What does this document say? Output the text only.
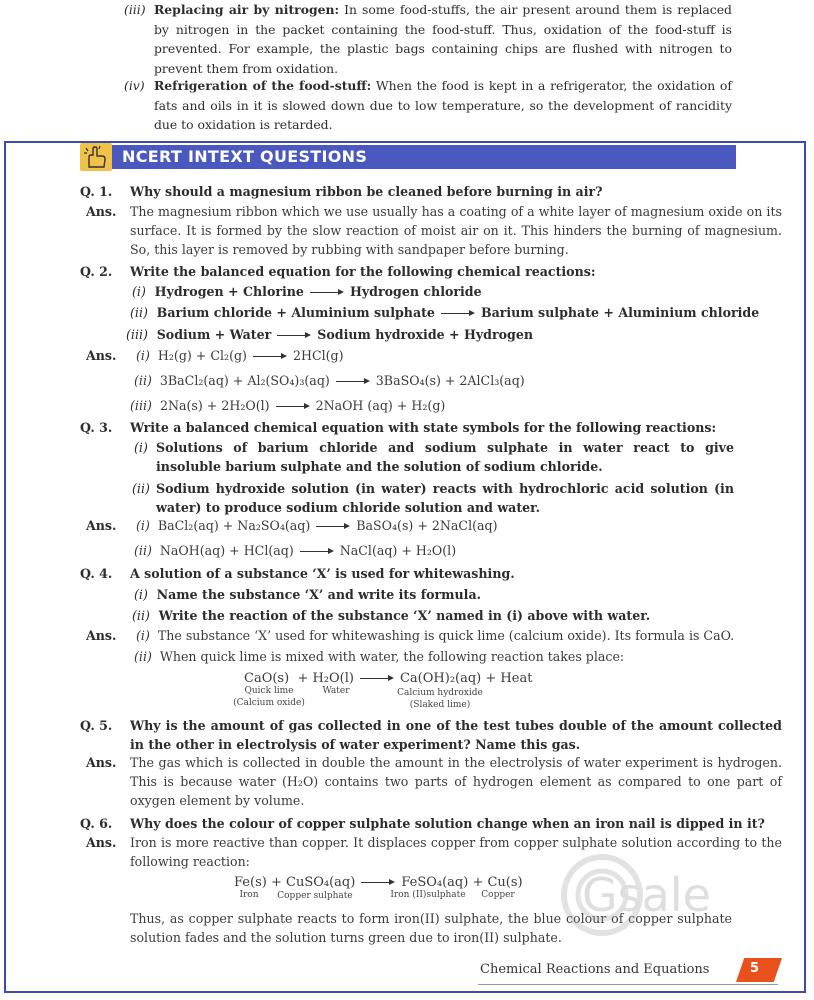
(iii) Replacing air by nitrogen: In some food-stuffs, the air present around them is replaced by nitrogen in the packet containing the food-stuff. Thus, oxidation of the food-stuff is prevented. For example, the plastic bags containing chips are flushed with nitrogen to prevent them from oxidation.
(iv) Refrigeration of the food-stuff: When the food is kept in a refrigerator, the oxidation of fats and oils in it is slowed down due to low temperature, so the development of rancidity due to oxidation is retarded.
NCERT INTEXT QUESTIONS
Q. 1.	Why should a magnesium ribbon be cleaned before burning in air?
Ans.	The magnesium ribbon which we use usually has a coating of a white layer of magnesium oxide on its surface. It is formed by the slow reaction of moist air on it. This hinders the burning of magnesium. So, this layer is removed by rubbing with sandpaper before burning.
Q. 2.	Write the balanced equation for the following chemical reactions:
(i) Hydrogen + Chlorine	Hydrogen chloride
(ii) Barium chloride + Aluminium sulphate	Barium sulphate + Aluminium chloride
(iii) Sodium + Water	Sodium hydroxide + Hydrogen
Ans.	(i) H₂(g) + Cl₂(g)	2HCl(g)
(ii) 3BaCl₂(aq) + Al₂(SO₄)₃(aq)	3BaSO₄(s) + 2AlCl₃(aq)
(iii) 2Na(s) + 2H₂O(l)	2NaOH (aq) + H₂(g)
Q. 3.	Write a balanced chemical equation with state symbols for the following reactions:
(i) Solutions of barium chloride and sodium sulphate in water react to give insoluble barium sulphate and the solution of sodium chloride.
(ii) Sodium hydroxide solution (in water) reacts with hydrochloric acid solution (in water) to produce sodium chloride solution and water.
Ans.	(i) BaCl₂(aq) + Na₂SO₄(aq)	BaSO₄(s) + 2NaCl(aq)
(ii) NaOH(aq) + HCl(aq)	NaCl(aq) + H₂O(l)
Q. 4.	A solution of a substance ‘X’ is used for whitewashing.
(i) Name the substance ‘X’ and write its formula.
(ii) Write the reaction of the substance ‘X’ named in (i) above with water.
Ans.	(i) The substance ‘X’ used for whitewashing is quick lime (calcium oxide). Its formula is CaO.
(ii) When quick lime is mixed with water, the following reaction takes place:
CaO(s) + H₂O(l)	Ca(OH)₂(aq) + Heat
Quick lime
(Calcium oxide)
Water	Calcium hydroxide
(Slaked lime)
Q. 5.	Why is the amount of gas collected in one of the test tubes double of the amount collected in the other in electrolysis of water experiment? Name this gas.
Ans.	The gas which is collected in double the amount in the electrolysis of water experiment is hydrogen. This is because water (H₂O) contains two parts of hydrogen element as compared to one part of oxygen element by volume.
Q. 6.	Why does the colour of copper sulphate solution change when an iron nail is dipped in it?
Ans.	Iron is more reactive than copper. It displaces copper from copper sulphate solution according to the following reaction:
Fe(s) + CuSO₄(aq)	FeSO₄(aq) + Cu(s)
Iron	Copper sulphate	Iron (II)sulphate	Copper
Thus, as copper sulphate reacts to form iron(II) sulphate, the blue colour of copper sulphate solution fades and the solution turns green due to iron(II) sulphate.
Gsale
Chemical Reactions and Equations	5
